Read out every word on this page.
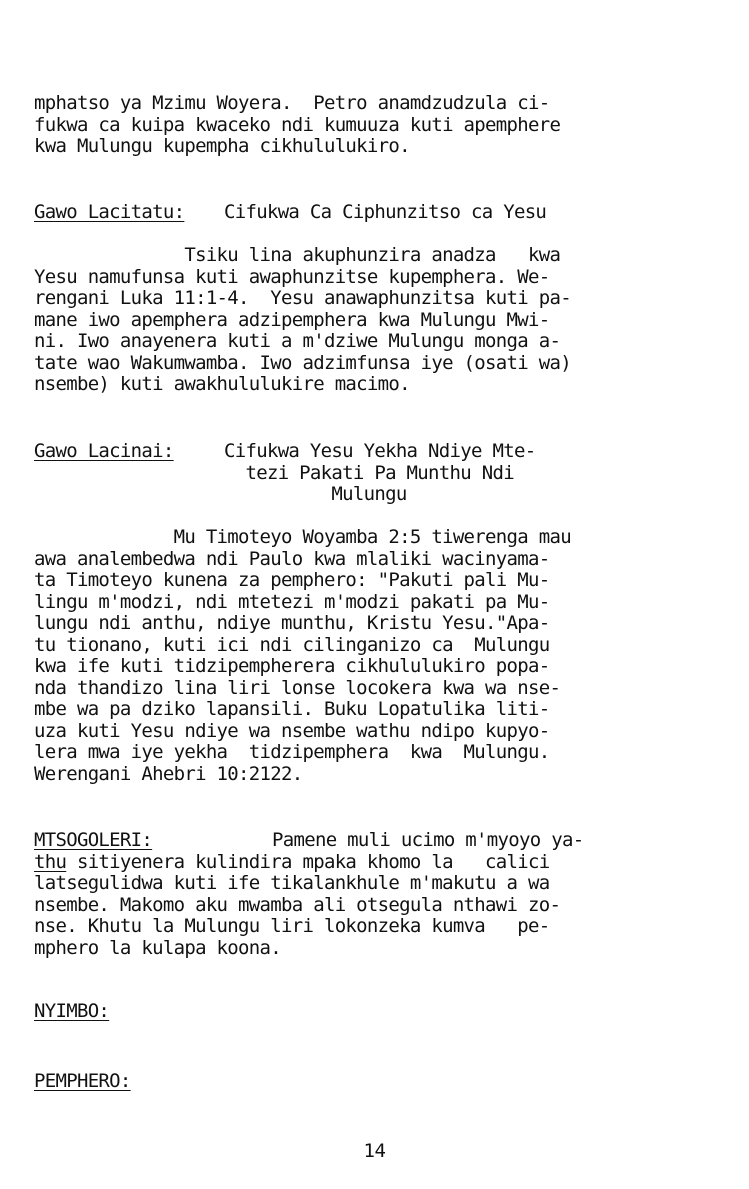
mphatso ya Mzimu Woyera.  Petro anamdzudzula ci-

fukwa ca kuipa kwaceko ndi kumuuza kuti apemphere

kwa Mulungu kupempha cikhululukiro.

Gawo Lacitatu: Cifukwa Ca Ciphunzitso ca Yesu

Tsiku lina akuphunzira anadza   kwa

Yesu namufunsa kuti awaphunzitse kupemphera. We-

rengani Luka 11:1-4.  Yesu anawaphunzitsa kuti pa-

mane iwo apemphera adzipemphera kwa Mulungu Mwi-

ni. Iwo anayenera kuti a m'dziwe Mulungu monga a-

tate wao Wakumwamba. Iwo adzimfunsa iye (osati wa)

nsembe) kuti awakhululukire macimo.

Gawo Lacinai:	Cifukwa Yesu Yekha Ndiye Mte-

tezi Pakati Pa Munthu Ndi

Mulungu

Mu Timoteyo Woyamba 2:5 tiwerenga mau

awa analembedwa ndi Paulo kwa mlaliki wacinyama-

ta Timoteyo kunena za pemphero: "Pakuti pali Mu-

lingu m'modzi, ndi mtetezi m'modzi pakati pa Mu-

lungu ndi anthu, ndiye munthu, Kristu Yesu."Apa-

tu tionano, kuti ici ndi cilinganizo ca  Mulungu

kwa ife kuti tidzipempherera cikhululukiro popa-

nda thandizo lina liri lonse locokera kwa wa nse-

mbe wa pa dziko lapansili. Buku Lopatulika liti-

uza kuti Yesu ndiye wa nsembe wathu ndipo kupyo-

lera mwa iye yekha  tidzipemphera  kwa  Mulungu.

Werengani Ahebri 10:2122.

MTSOGOLERI:	Pamene muli ucimo m'myoyo ya-

thu sitiyenera kulindira mpaka khomo la   calici

latsegulidwa kuti ife tikalankhule m'makutu a wa

nsembe. Makomo aku mwamba ali otsegula nthawi zo-

nse. Khutu la Mulungu liri lokonzeka kumva   pe-

mphero la kulapa koona.

NYIMBO:

PEMPHERO:

14
